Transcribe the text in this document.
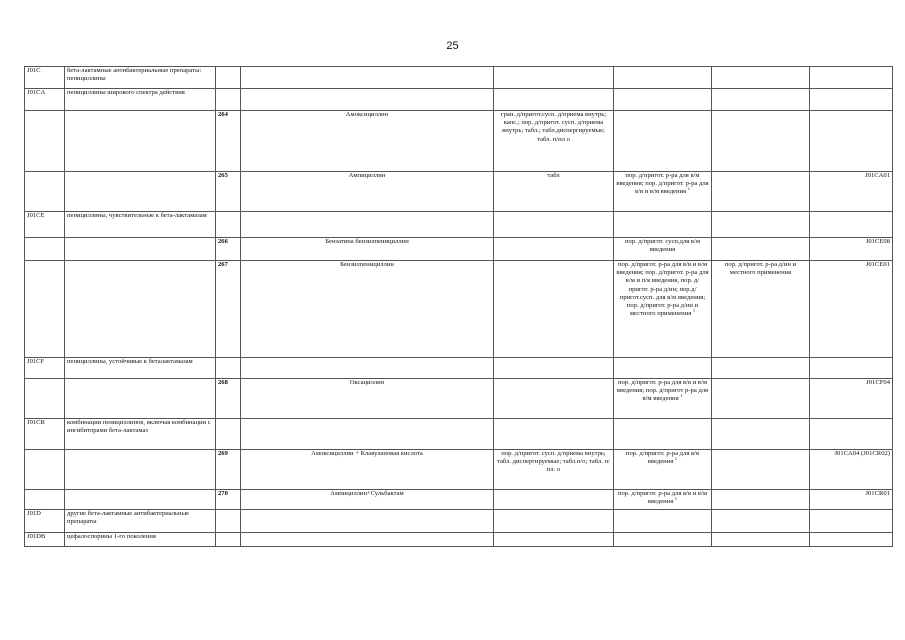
25
J01C	бета-лактамные антибактериальные препараты: пенициллины						
J01CA	пенициллины широкого спектра действия						
		264	Амоксициллин	гран. д/пригот.сусп. д/приема внутрь; капс.; пор. д/пригот. сусп. д/приема внутрь; табл.; табл.диспергируемые; табл. п/пл о			
		265	Ампициллин	табл	пор. д/пригот. р-ра для в/м введения; пор. д/пригот. р-ра для в/в и в/м введения $^1$		J01CA01
J01CE	пенициллины, чувствительные к бета-лактамазам						
		266	Бензатина бензилпенициллин		пор. д/пригот. сусп.для в/м введения		J01CE08
		267	Бензилпенициллин		пор. д/пригот. р-ра для в/в и в/м введения; пор. д/пригот. р-ра для в/м и п/к введения, пор. д/пригот. р-ра д/ин; пор.д/пригот.сусп. для в/м введения; пор. д/пригот. р-ра д/ин и местного применения $^1$	пор. д/пригот. р-ра д/ин и местного применения	J01CE01
J01CF	пенициллины, устойчивые к беталактамазам						
		268	Оксациллин		пор. д/пригот. р-ра для в/в и в/м введения; пор. д/пригот р-ра для в/м введения $^1$		J01CF04
J01CR	комбинации пенициллинов, включая комбинации с ингибиторами бета-лактамаз						
		269	Амоксициллин + Клавулановая кислота	пор. д/пригот. сусп. д/приема внутрь; табл. диспергируемые; табл.п/о; табл. п/пл. о	пор. д/пригот. р-ра для в/в введения $^1$		J01CA04 (J01CR02)
		270	Ампициллин+Сульбактам		пор. д/пригот. р-ра для в/в и в/м введения $^1$		J01CR01
J01D	другие бета-лактамные антибактериальные препараты						
J01DB	цефалоспорины 1-го поколения						
